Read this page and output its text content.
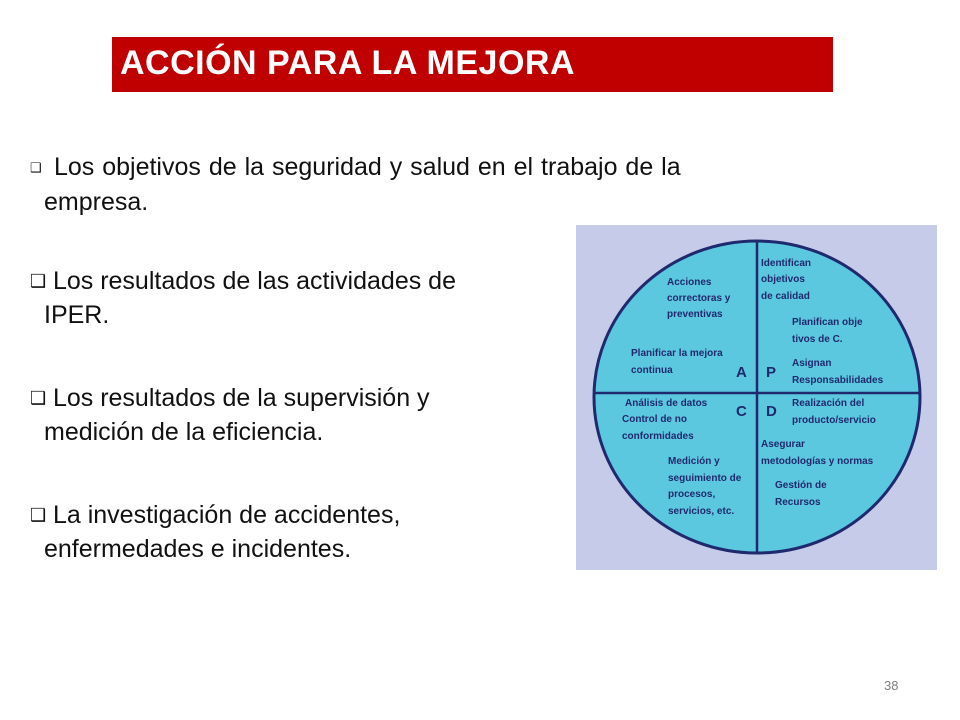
ACCIÓN PARA LA MEJORA
❑ Los objetivos de la seguridad y salud en el trabajo de la
empresa.
❑ Los resultados de las actividades de
IPER.
❑ Los resultados de la supervisión y
medición de la eficiencia.
❑ La investigación de accidentes,
enfermedades e incidentes.
A P
C D
Acciones
correctoras y
preventivas
Planificar la mejora
continua
Identifican
objetivos
de calidad
Planifican obje
tivos de C.
Asignan
Responsabilidades
Análisis de datos
Control de no
conformidades
Medición y
seguimiento de
procesos,
servicios, etc.
Realización del
producto/servicio
Asegurar
metodologías y normas
Gestión de
Recursos
38
